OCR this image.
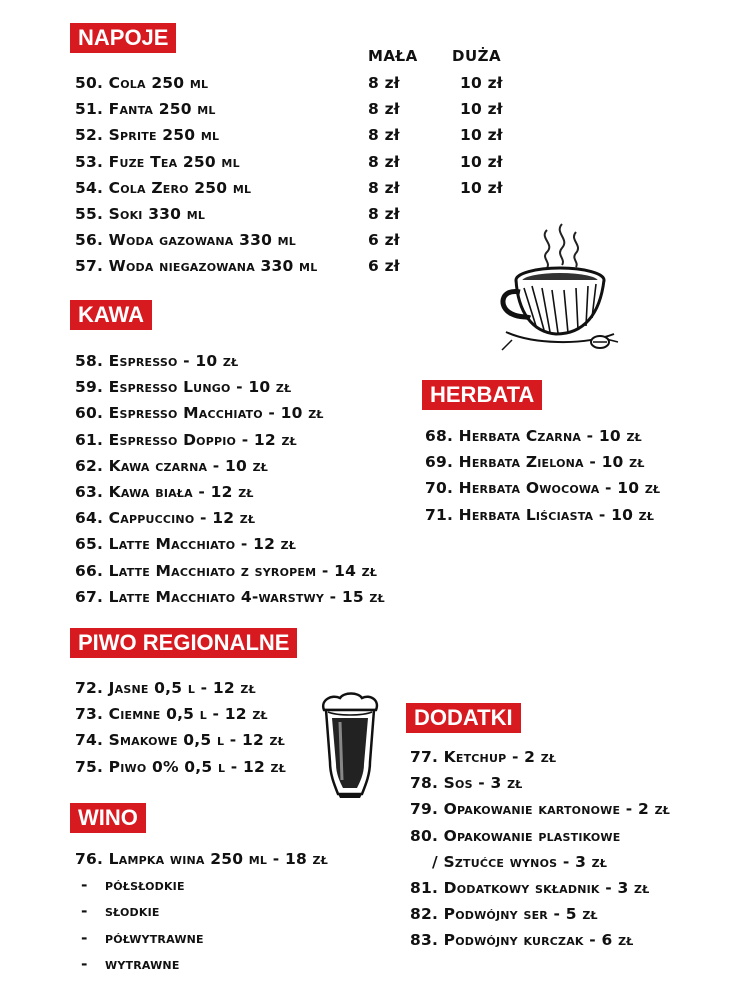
NAPOJE
MAŁA DUŻA
50. Cola 250 ml	8 zł	10 zł
51. Fanta 250 ml	8 zł	10 zł
52. Sprite 250 ml	8 zł	10 zł
53. Fuze Tea 250 ml	8 zł	10 zł
54. Cola Zero 250 ml	8 zł	10 zł
55. Soki 330 ml	8 zł
56. Woda gazowana 330 ml	6 zł
57. Woda niegazowana 330 ml	6 zł
KAWA
58. Espresso - 10 zł
59. Espresso Lungo - 10 zł
60. Espresso Macchiato - 10 zł
61. Espresso Doppio - 12 zł
62. Kawa czarna - 10 zł
63. Kawa biała - 12 zł
64. Cappuccino - 12 zł
65. Latte Macchiato - 12 zł
66. Latte Macchiato z syropem - 14 zł
67. Latte Macchiato 4-warstwy - 15 zł
HERBATA
68. Herbata Czarna - 10 zł
69. Herbata Zielona - 10 zł
70. Herbata Owocowa - 10 zł
71. Herbata Liściasta - 10 zł
PIWO REGIONALNE
72. Jasne 0,5 l - 12 zł
73. Ciemne 0,5 l - 12 zł
74. Smakowe 0,5 l - 12 zł
75. Piwo 0% 0,5 l - 12 zł
WINO
76. Lampka wina 250 ml - 18 zł
- półsłodkie
- słodkie
- półwytrawne
- wytrawne
DODATKI
77. Ketchup - 2 zł
78. Sos - 3 zł
79. Opakowanie kartonowe - 2 zł
80. Opakowanie plastikowe
/ Sztućce wynos - 3 zł
81. Dodatkowy składnik - 3 zł
82. Podwójny ser - 5 zł
83. Podwójny kurczak - 6 zł
